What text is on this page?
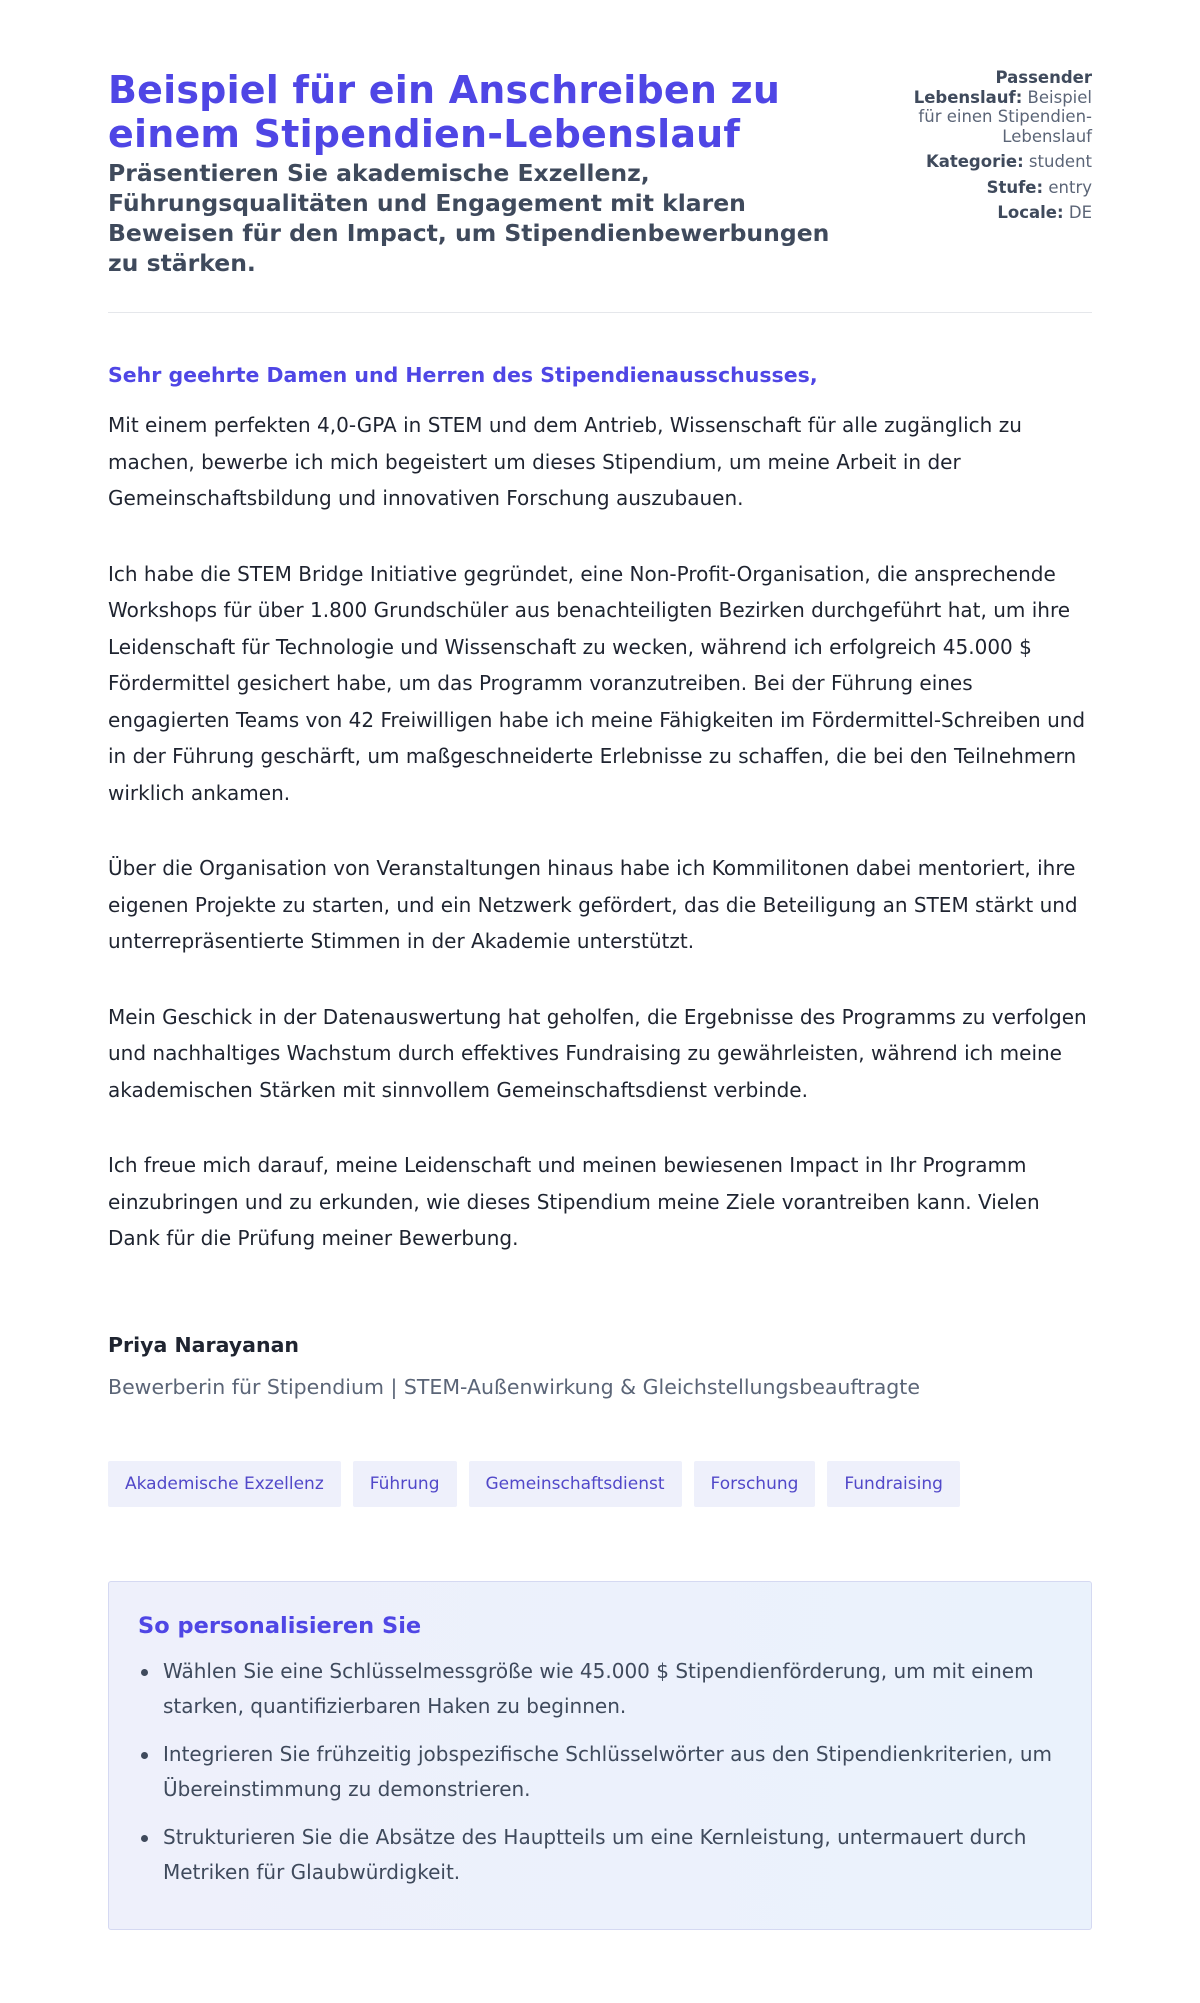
Beispiel für ein Anschreiben zu einem Stipendien-Lebenslauf
Präsentieren Sie akademische Exzellenz, Führungsqualitäten und Engagement mit klaren Beweisen für den Impact, um Stipendienbewerbungen zu stärken.
Passender Lebenslauf: Beispiel für einen Stipendien-Lebenslauf
Kategorie: student
Stufe: entry
Locale: DE
Sehr geehrte Damen und Herren des Stipendienausschusses,

Mit einem perfekten 4,0-GPA in STEM und dem Antrieb, Wissenschaft für alle zugänglich zu machen, bewerbe ich mich begeistert um dieses Stipendium, um meine Arbeit in der Gemeinschaftsbildung und innovativen Forschung auszubauen.

Ich habe die STEM Bridge Initiative gegründet, eine Non-Profit-Organisation, die ansprechende Workshops für über 1.800 Grundschüler aus benachteiligten Bezirken durchgeführt hat, um ihre Leidenschaft für Technologie und Wissenschaft zu wecken, während ich erfolgreich 45.000 $ Fördermittel gesichert habe, um das Programm voranzutreiben. Bei der Führung eines engagierten Teams von 42 Freiwilligen habe ich meine Fähigkeiten im Fördermittel-Schreiben und in der Führung geschärft, um maßgeschneiderte Erlebnisse zu schaffen, die bei den Teilnehmern wirklich ankamen.

Über die Organisation von Veranstaltungen hinaus habe ich Kommilitonen dabei mentoriert, ihre eigenen Projekte zu starten, und ein Netzwerk gefördert, das die Beteiligung an STEM stärkt und unterrepräsentierte Stimmen in der Akademie unterstützt.

Mein Geschick in der Datenauswertung hat geholfen, die Ergebnisse des Programms zu verfolgen und nachhaltiges Wachstum durch effektives Fundraising zu gewährleisten, während ich meine akademischen Stärken mit sinnvollem Gemeinschaftsdienst verbinde.

Ich freue mich darauf, meine Leidenschaft und meinen bewiesenen Impact in Ihr Programm einzubringen und zu erkunden, wie dieses Stipendium meine Ziele vorantreiben kann. Vielen Dank für die Prüfung meiner Bewerbung.

Priya Narayanan
Bewerberin für Stipendium | STEM-Außenwirkung & Gleichstellungsbeauftragte
Akademische Exzellenz	Führung	Gemeinschaftsdienst	Forschung	Fundraising
So personalisieren Sie
Wählen Sie eine Schlüsselmessgröße wie 45.000 $ Stipendienförderung, um mit einem starken, quantifizierbaren Haken zu beginnen.
Integrieren Sie frühzeitig jobspezifische Schlüsselwörter aus den Stipendienkriterien, um Übereinstimmung zu demonstrieren.
Strukturieren Sie die Absätze des Hauptteils um eine Kernleistung, untermauert durch Metriken für Glaubwürdigkeit.
